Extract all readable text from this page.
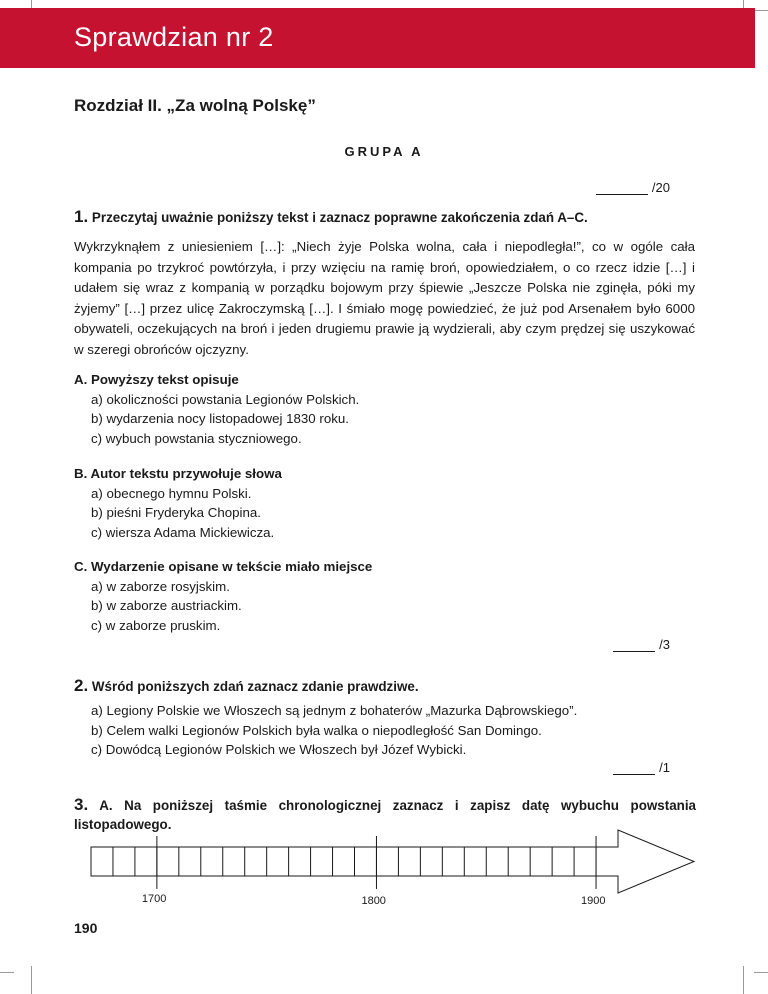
Sprawdzian nr 2
Rozdział II. „Za wolną Polskę”
GRUPA A
/20
1. Przeczytaj uważnie poniższy tekst i zaznacz poprawne zakończenia zdań A–C.
Wykrzyknąłem z uniesieniem […]: „Niech żyje Polska wolna, cała i niepodległa!”, co w ogóle cała kompania po trzykroć powtórzyła, i przy wzięciu na ramię broń, opowiedziałem, o co rzecz idzie […] i udałem się wraz z kompanią w porządku bojowym przy śpiewie „Jeszcze Polska nie zginęła, póki my żyjemy” […] przez ulicę Zakroczymską […]. I śmiało mogę powiedzieć, że już pod Arsenałem było 6000 obywateli, oczekujących na broń i jeden drugiemu prawie ją wydzierali, aby czym prędzej się uszykować w szeregi obrońców ojczyzny.
A. Powyższy tekst opisuje
a) okoliczności powstania Legionów Polskich.
b) wydarzenia nocy listopadowej 1830 roku.
c) wybuch powstania styczniowego.
B. Autor tekstu przywołuje słowa
a) obecnego hymnu Polski.
b) pieśni Fryderyka Chopina.
c) wiersza Adama Mickiewicza.
C. Wydarzenie opisane w tekście miało miejsce
a) w zaborze rosyjskim.
b) w zaborze austriackim.
c) w zaborze pruskim.
/3
2. Wśród poniższych zdań zaznacz zdanie prawdziwe.
a) Legiony Polskie we Włoszech są jednym z bohaterów „Mazurka Dąbrowskiego”.
b) Celem walki Legionów Polskich była walka o niepodległość San Domingo.
c) Dowódcą Legionów Polskich we Włoszech był Józef Wybicki.
/1
3. A. Na poniższej taśmie chronologicznej zaznacz i zapisz datę wybuchu powstania listopadowego.
1700	1800	1900
190
